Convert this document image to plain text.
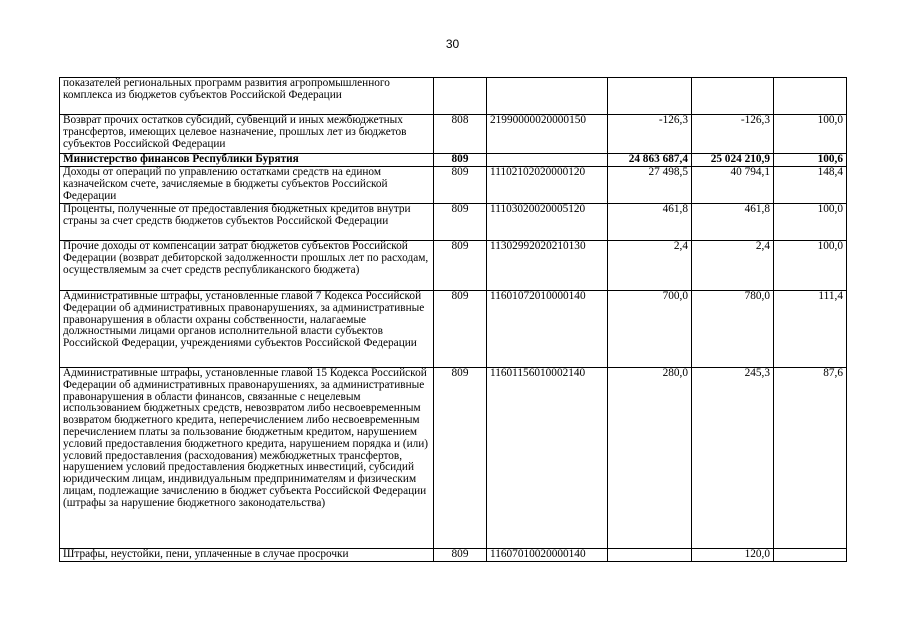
30
показателей региональных программ развития агропромышленного комплекса из бюджетов субъектов Российской Федерации					
Возврат прочих остатков субсидий, субвенций и иных межбюджетных трансфертов, имеющих целевое назначение, прошлых лет из бюджетов субъектов Российской Федерации	808	21990000020000150	-126,3	-126,3	100,0
Министерство финансов Республики Бурятия	809		24 863 687,4	25 024 210,9	100,6
Доходы от операций по управлению остатками средств на едином казначейском счете, зачисляемые в бюджеты субъектов Российской Федерации	809	11102102020000120	27 498,5	40 794,1	148,4
Проценты, полученные от предоставления бюджетных кредитов внутри страны за счет средств бюджетов субъектов Российской Федерации	809	11103020020005120	461,8	461,8	100,0
Прочие доходы от компенсации затрат бюджетов субъектов Российской Федерации (возврат дебиторской задолженности прошлых лет по расходам, осуществляемым за счет средств республиканского бюджета)	809	11302992020210130	2,4	2,4	100,0
Административные штрафы, установленные главой 7 Кодекса Российской Федерации об административных правонарушениях, за административные правонарушения в области охраны собственности, налагаемые должностными лицами органов исполнительной власти субъектов Российской Федерации, учреждениями субъектов Российской Федерации	809	11601072010000140	700,0	780,0	111,4
Административные штрафы, установленные главой 15 Кодекса Российской Федерации об административных правонарушениях, за административные правонарушения в области финансов, связанные с нецелевым использованием бюджетных средств, невозвратом либо несвоевременным возвратом бюджетного кредита, неперечислением либо несвоевременным перечислением платы за пользование бюджетным кредитом, нарушением условий предоставления бюджетного кредита, нарушением порядка и (или) условий предоставления (расходования) межбюджетных трансфертов, нарушением условий предоставления бюджетных инвестиций, субсидий юридическим лицам, индивидуальным предпринимателям и физическим лицам, подлежащие зачислению в бюджет субъекта Российской Федерации (штрафы за нарушение бюджетного законодательства)	809	11601156010002140	280,0	245,3	87,6
Штрафы, неустойки, пени, уплаченные в случае просрочки	809	11607010020000140		120,0	
